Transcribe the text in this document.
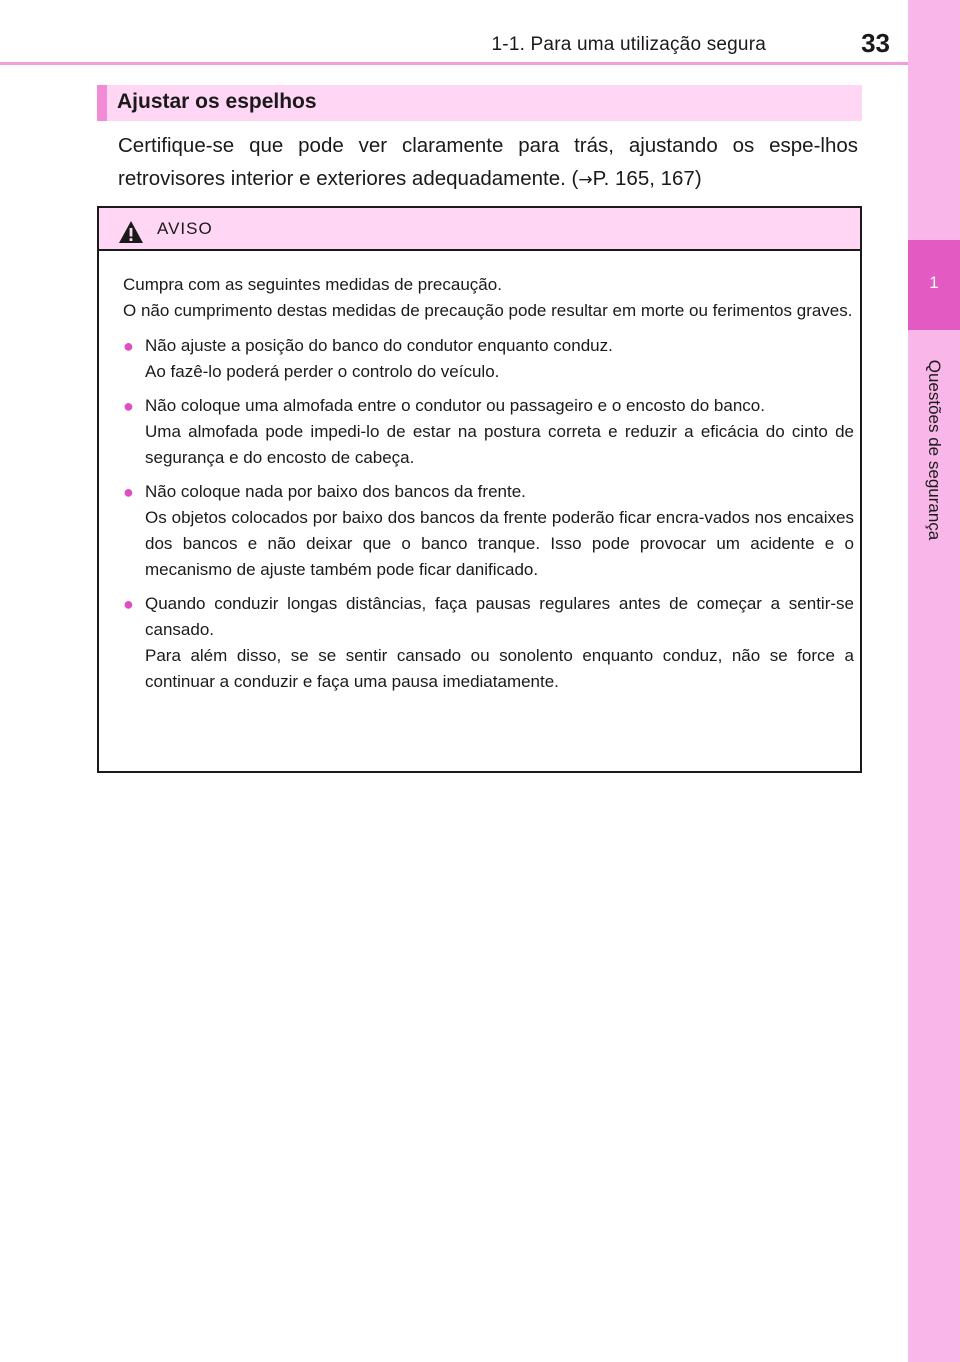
1-1. Para uma utilização segura	33
1
Questões de segurança
Ajustar os espelhos
Certifique-se que pode ver claramente para trás, ajustando os espe-lhos retrovisores interior e exteriores adequadamente. (→P. 165, 167)
AVISO
Cumpra com as seguintes medidas de precaução.
O não cumprimento destas medidas de precaução pode resultar em morte ou ferimentos graves.
● Não ajuste a posição do banco do condutor enquanto conduz.
Ao fazê-lo poderá perder o controlo do veículo.
● Não coloque uma almofada entre o condutor ou passageiro e o encosto do banco.
Uma almofada pode impedi-lo de estar na postura correta e reduzir a eficácia do cinto de segurança e do encosto de cabeça.
● Não coloque nada por baixo dos bancos da frente.
Os objetos colocados por baixo dos bancos da frente poderão ficar encra-vados nos encaixes dos bancos e não deixar que o banco tranque. Isso pode provocar um acidente e o mecanismo de ajuste também pode ficar danificado.
● Quando conduzir longas distâncias, faça pausas regulares antes de começar a sentir-se cansado.
Para além disso, se se sentir cansado ou sonolento enquanto conduz, não se force a continuar a conduzir e faça uma pausa imediatamente.
